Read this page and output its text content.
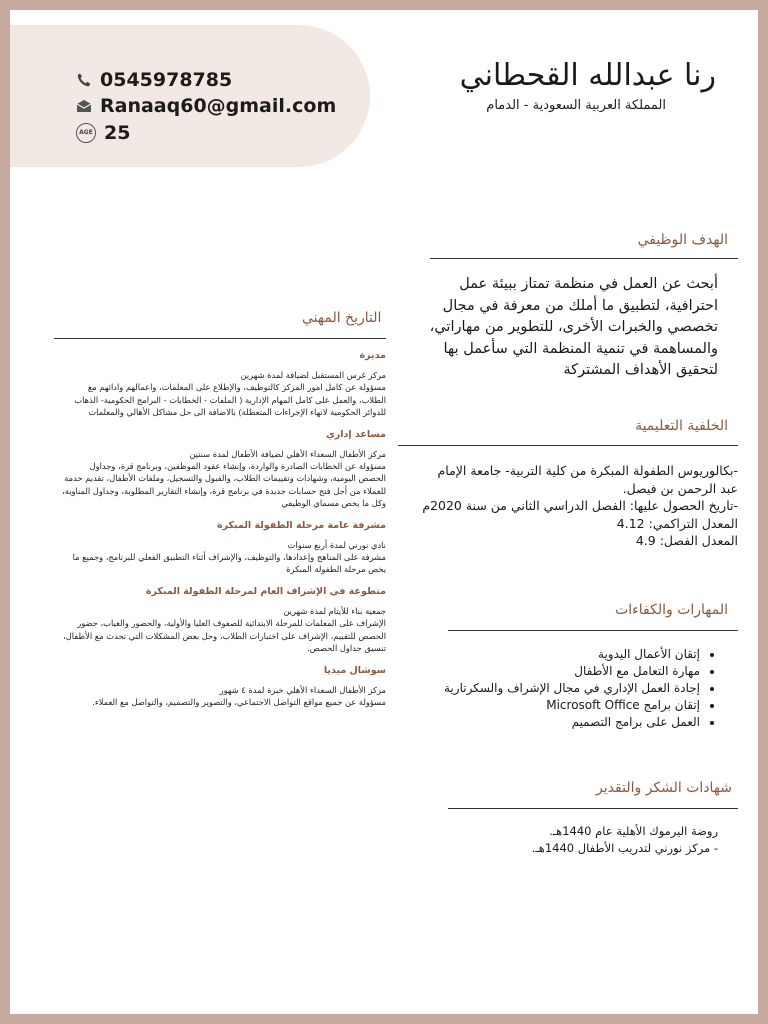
0545978785
Ranaaq60@gmail.com
AGE 25
رنا عبدالله القحطاني
المملكة العربية السعودية - الدمام
الهدف الوظيفي
أبحث عن العمل في منظمة تمتاز ببيئة عمل احترافية، لتطبيق ما أملك من معرفة في مجال تخصصي والخبرات الأخرى، للتطوير من مهاراتي، والمساهمة في تنمية المنظمة التي سأعمل بها لتحقيق الأهداف المشتركة
الخلفية التعليمية
-بكالوريوس الطفولة المبكرة من كلية التربية- جامعة الإمام
عبد الرحمن بن فيصل.
-تاريخ الحصول عليها: الفصل الدراسي الثاني من سنة 2020م
المعدل التراكمي: 4.12
المعدل الفصل: 4.9
المهارات والكفاءات
• إتقان الأعمال اليدوية
• مهارة التعامل مع الأطفال
• إجادة العمل الإداري في مجال الإشراف والسكرتارية
• إتقان برامج Microsoft Office
• العمل على برامج التصميم
شهادات الشكر والتقدير
روضة اليرموك الأهلية عام 1440هـ.
- مركز نورني لتدريب الأطفال 1440هـ.
التاريخ المهني
مديرة
مركز غرس المستقبل لضيافة لمدة شهرين
مسؤولة عن كامل امور المركز كالتوظيف، والإطلاع على المعلمات، واعمالهم وادائهم مع الطلاب، والعمل على كامل المهام الإدارية ( الملفات - الخطابات - البرامج الحكومية- الذهاب للدوائر الحكومية لانهاء الإجراءات المتعطلة) بالاضافة الى حل مشاكل الأهالي والمعلمات
مساعد إداري
مركز الأطفال السعداء الأهلي لضيافة الأطفال لمدة سنتين
مسؤولة عن الخطابات الصادرة والواردة، وإنشاء عقود الموظفين، وبرنامج قرة، وجداول الحصص اليومية، وشهادات وتقييمات الطلاب، والقبول والتسجيل، وملفات الأطفال، تقديم خدمة للعملاء من أجل فتح حسابات جديدة في برنامج قرة، وإنشاء التقارير المطلوبة، وجداول المناوبة، وكل ما يخص مسماي الوظيفي
مشرفة عامة مرحلة الطفولة المبكرة
نادي نورني لمدة أربع سنوات
مشرفة على المناهج وإعدادها، والتوظيف، والإشراف أثناء التطبيق الفعلي للبرنامج، وجميع ما يخص مرحلة الطفولة المبكرة
متطوعة في الإشراف العام لمرحلة الطفولة المبكرة
جمعية بناء للأيتام لمدة شهرين
الإشراف على المعلمات للمرحلة الابتدائية للصفوف العليا والأولية، والحضور والغياب، حضور الحصص للتقييم، الإشراف على اختبارات الطلاب، وحل بعض المشكلات التي تحدث مع الأطفال، تنسيق جداول الحصص.
سوشال ميديا
مركز الأطفال السعداء الأهلي خبرة لمدة ٤ شهور
مسؤولة عن جميع مواقع التواصل الاجتماعي، والتصوير والتصميم، والتواصل مع العملاء.
